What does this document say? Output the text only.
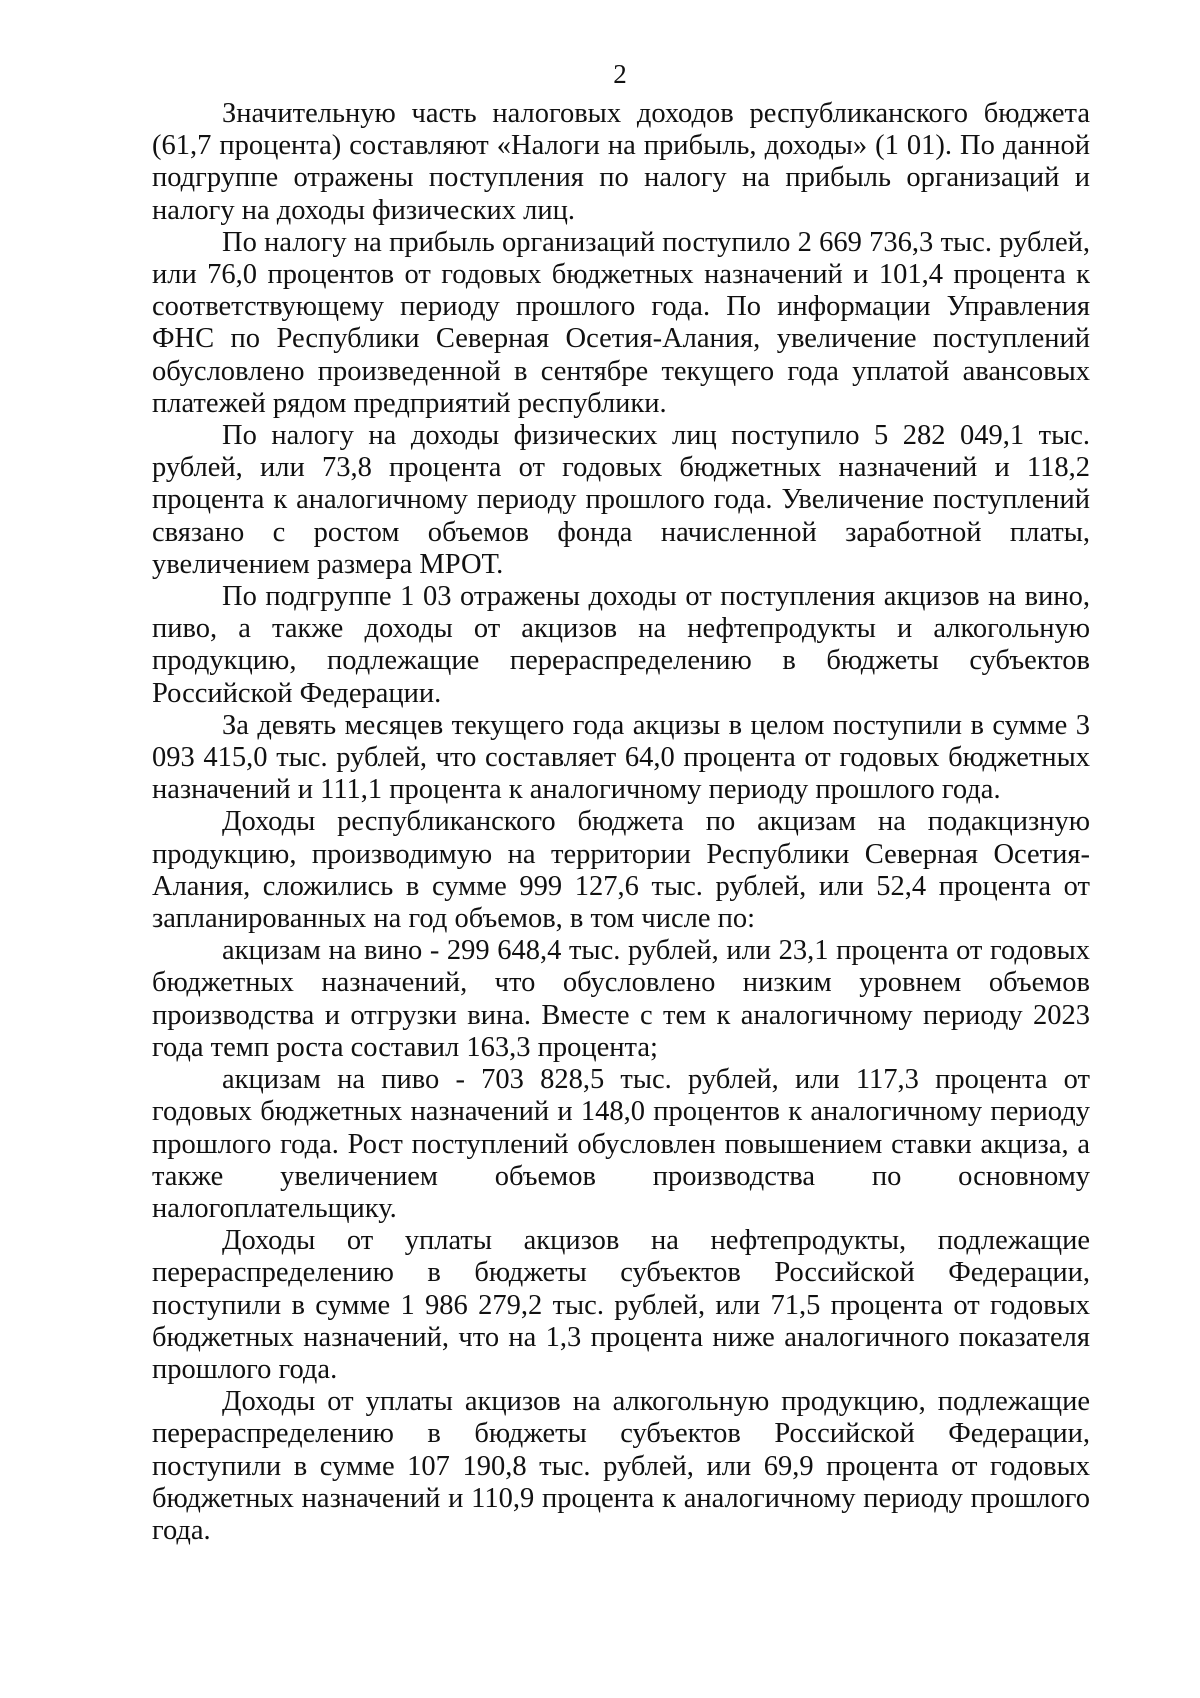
2

Значительную часть налоговых доходов республиканского бюджета (61,7 процента) составляют «Налоги на прибыль, доходы» (1 01). По данной подгруппе отражены поступления по налогу на прибыль организаций и налогу на доходы физических лиц.

По налогу на прибыль организаций поступило 2 669 736,3 тыс. рублей, или 76,0 процентов от годовых бюджетных назначений и 101,4 процента к соответствующему периоду прошлого года. По информации Управления ФНС по Республики Северная Осетия-Алания, увеличение поступлений обусловлено произведенной в сентябре текущего года уплатой авансовых платежей рядом предприятий республики.

По налогу на доходы физических лиц поступило 5 282 049,1 тыс. рублей, или 73,8 процента от годовых бюджетных назначений и 118,2 процента к аналогичному периоду прошлого года. Увеличение поступлений связано с ростом объемов фонда начисленной заработной платы, увеличением размера МРОТ.

По подгруппе 1 03 отражены доходы от поступления акцизов на вино, пиво, а также доходы от акцизов на нефтепродукты и алкогольную продукцию, подлежащие перераспределению в бюджеты субъектов Российской Федерации.

За девять месяцев текущего года акцизы в целом поступили в сумме 3 093 415,0 тыс. рублей, что составляет 64,0 процента от годовых бюджетных назначений и 111,1 процента к аналогичному периоду прошлого года.

Доходы республиканского бюджета по акцизам на подакцизную продукцию, производимую на территории Республики Северная Осетия-Алания, сложились в сумме 999 127,6 тыс. рублей, или 52,4 процента от запланированных на год объемов, в том числе по:

акцизам на вино - 299 648,4 тыс. рублей, или 23,1 процента от годовых бюджетных назначений, что обусловлено низким уровнем объемов производства и отгрузки вина. Вместе с тем к аналогичному периоду 2023 года темп роста составил 163,3 процента;

акцизам на пиво - 703 828,5 тыс. рублей, или 117,3 процента от годовых бюджетных назначений и 148,0 процентов к аналогичному периоду прошлого года. Рост поступлений обусловлен повышением ставки акциза, а также увеличением объемов производства по основному налогоплательщику.

Доходы от уплаты акцизов на нефтепродукты, подлежащие перераспределению в бюджеты субъектов Российской Федерации, поступили в сумме 1 986 279,2 тыс. рублей, или 71,5 процента от годовых бюджетных назначений, что на 1,3 процента ниже аналогичного показателя прошлого года.

Доходы от уплаты акцизов на алкогольную продукцию, подлежащие перераспределению в бюджеты субъектов Российской Федерации, поступили в сумме 107 190,8 тыс. рублей, или 69,9 процента от годовых бюджетных назначений и 110,9 процента к аналогичному периоду прошлого года.
